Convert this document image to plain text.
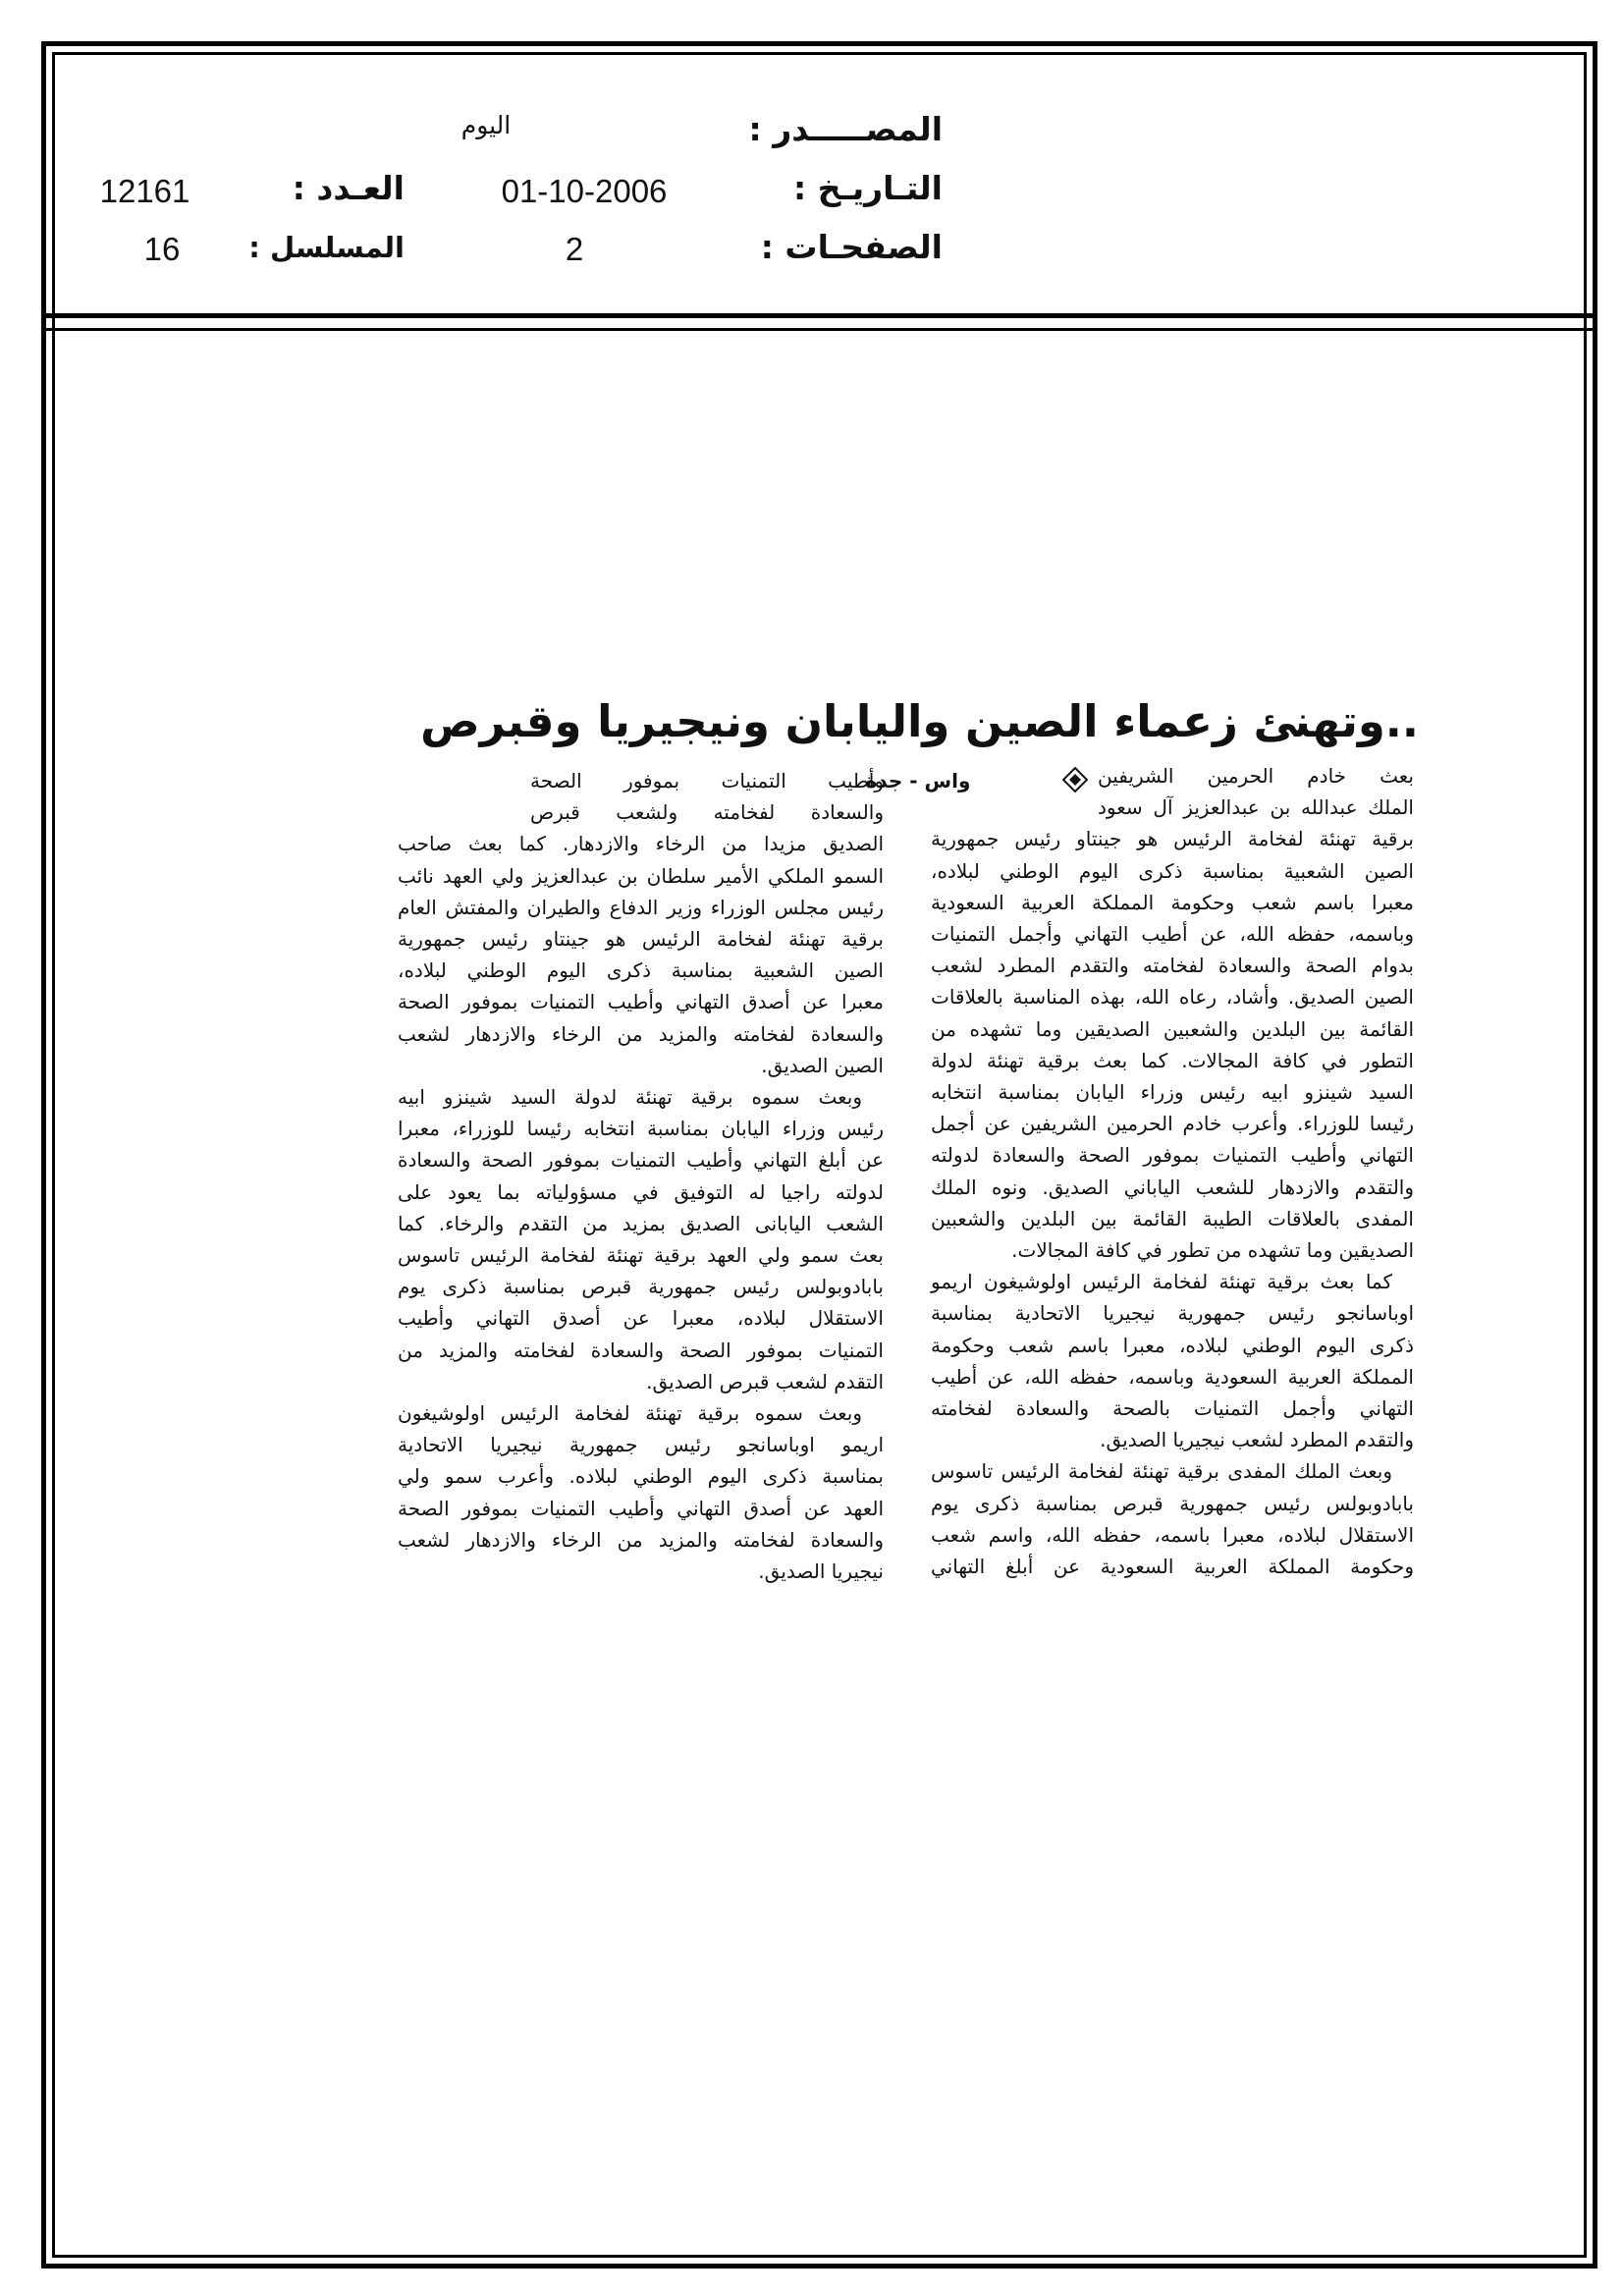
المصـــــدر :
اليوم
التـاريـخ :
01-10-2006
العـدد :
12161
الصفحـات :
2
المسلسل :
16
..وتهنئ زعماء الصين واليابان ونيجيريا وقبرص
واس - جدة	بعث خادم الحرمين الشريفين
الملك عبدالله بن عبدالعزيز آل سعود
برقية تهنئة لفخامة الرئيس هو جينتاو رئيس جمهورية
الصين الشعبية بمناسبة ذكرى اليوم الوطني لبلاده،
معبرا باسم شعب وحكومة المملكة العربية السعودية
وباسمه، حفظه الله، عن أطيب التهاني وأجمل التمنيات
بدوام الصحة والسعادة لفخامته والتقدم المطرد لشعب
الصين الصديق. وأشاد، رعاه الله، بهذه المناسبة بالعلاقات
القائمة بين البلدين والشعبين الصديقين وما تشهده من
التطور في كافة المجالات. كما بعث برقية تهنئة لدولة
السيد شينزو ابيه رئيس وزراء اليابان بمناسبة انتخابه
رئيسا للوزراء. وأعرب خادم الحرمين الشريفين عن أجمل
التهاني وأطيب التمنيات بموفور الصحة والسعادة لدولته
والتقدم والازدهار للشعب الياباني الصديق. ونوه الملك
المفدى بالعلاقات الطيبة القائمة بين البلدين والشعبين
الصديقين وما تشهده من تطور في كافة المجالات.
كما بعث برقية تهنئة لفخامة الرئيس اولوشيغون اريمو
اوباسانجو رئيس جمهورية نيجيريا الاتحادية بمناسبة
ذكرى اليوم الوطني لبلاده، معبرا باسم شعب وحكومة
المملكة العربية السعودية وباسمه، حفظه الله، عن أطيب
التهاني وأجمل التمنيات بالصحة والسعادة لفخامته
والتقدم المطرد لشعب نيجيريا الصديق.
وبعث الملك المفدى برقية تهنئة لفخامة الرئيس تاسوس
بابادوبولس رئيس جمهورية قبرص بمناسبة ذكرى يوم
الاستقلال لبلاده، معبرا باسمه، حفظه الله، واسم شعب
وحكومة المملكة العربية السعودية عن أبلغ التهاني
وأطيب التمنيات بموفور الصحة
والسعادة لفخامته ولشعب قبرص
الصديق مزيدا من الرخاء والازدهار. كما بعث صاحب
السمو الملكي الأمير سلطان بن عبدالعزيز ولي العهد نائب
رئيس مجلس الوزراء وزير الدفاع والطيران والمفتش العام
برقية تهنئة لفخامة الرئيس هو جينتاو رئيس جمهورية
الصين الشعبية بمناسبة ذكرى اليوم الوطني لبلاده،
معبرا عن أصدق التهاني وأطيب التمنيات بموفور الصحة
والسعادة لفخامته والمزيد من الرخاء والازدهار لشعب
الصين الصديق.
وبعث سموه برقية تهنئة لدولة السيد شينزو ابيه
رئيس وزراء اليابان بمناسبة انتخابه رئيسا للوزراء، معبرا
عن أبلغ التهاني وأطيب التمنيات بموفور الصحة والسعادة
لدولته راجيا له التوفيق في مسؤولياته بما يعود على
الشعب اليابانى الصديق بمزيد من التقدم والرخاء. كما
بعث سمو ولي العهد برقية تهنئة لفخامة الرئيس تاسوس
بابادوبولس رئيس جمهورية قبرص بمناسبة ذكرى يوم
الاستقلال لبلاده، معبرا عن أصدق التهاني وأطيب
التمنيات بموفور الصحة والسعادة لفخامته والمزيد من
التقدم لشعب قبرص الصديق.
وبعث سموه برقية تهنئة لفخامة الرئيس اولوشيغون
اريمو اوباسانجو رئيس جمهورية نيجيريا الاتحادية
بمناسبة ذكرى اليوم الوطني لبلاده. وأعرب سمو ولي
العهد عن أصدق التهاني وأطيب التمنيات بموفور الصحة
والسعادة لفخامته والمزيد من الرخاء والازدهار لشعب
نيجيريا الصديق.
